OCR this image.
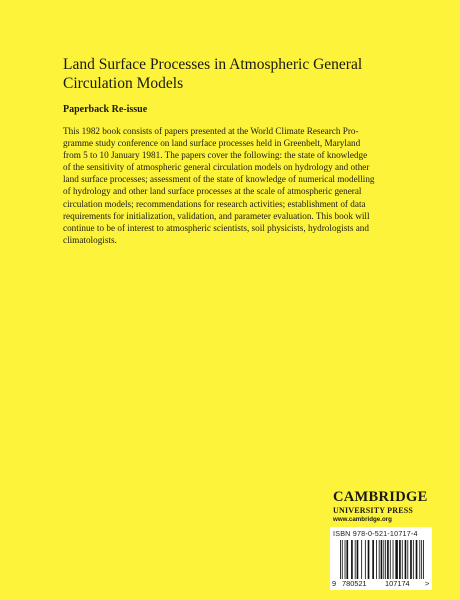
Land Surface Processes in Atmospheric General
Circulation Models

Paperback Re-issue

This 1982 book consists of papers presented at the World Climate Research Pro-
gramme study conference on land surface processes held in Greenbelt, Maryland
from 5 to 10 January 1981. The papers cover the following: the state of knowledge
of the sensitivity of atmospheric general circulation models on hydrology and other
land surface processes; assessment of the state of knowledge of numerical modelling
of hydrology and other land surface processes at the scale of atmospheric general
circulation models; recommendations for research activities; establishment of data
requirements for initialization, validation, and parameter evaluation. This book will
continue to be of interest to atmospheric scientists, soil physicists, hydrologists and
climatologists.

CAMBRIDGE
UNIVERSITY PRESS
www.cambridge.org
ISBN 978-0-521-10717-4
9 780521 107174 >
